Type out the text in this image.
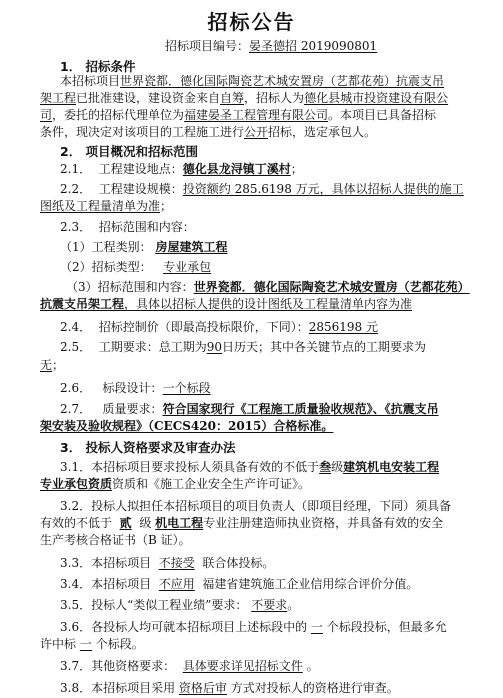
招标公告
招标项目编号：晏圣德招 2019090801
1． 招标条件
本招标项目世界瓷都．德化国际陶瓷艺术城安置房（艺都花苑）抗震支吊
架工程已批准建设，建设资金来自自筹，招标人为德化县城市投资建设有限公
司，委托的招标代理单位为福建晏圣工程管理有限公司。本项目已具备招标
条件，现决定对该项目的工程施工进行公开招标，选定承包人。
2． 项目概况和招标范围
2.1． 工程建设地点：德化县龙浔镇丁溪村；
2.2． 工程建设规模：投资额约 285.6198 万元，具体以招标人提供的施工
图纸及工程量清单为准；
2.3． 招标范围和内容：
（1）工程类别： 房屋建筑工程
（2）招标类型： 专业承包
（3）招标范围和内容：世界瓷都．德化国际陶瓷艺术城安置房（艺都花苑）
抗震支吊架工程，具体以招标人提供的设计图纸及工程量清单内容为准
2.4． 招标控制价（即最高投标限价，下同）：2856198 元
2.5． 工期要求：总工期为90日历天；其中各关键节点的工期要求为
无；
2.6． 标段设计：一个标段
2.7． 质量要求：符合国家现行《工程施工质量验收规范》、《抗震支吊
架安装及验收规程》（CECS420：2015）合格标准。
3． 投标人资格要求及审查办法
3.1．本招标项目要求投标人须具备有效的不低于叁级建筑机电安装工程
专业承包资质资质和《施工企业安全生产许可证》。
3.2．投标人拟担任本招标项目的项目负责人（即项目经理，下同）须具备
有效的不低于 贰 级 机电工程专业注册建造师执业资格，并具备有效的安全
生产考核合格证书（B 证）。
3.3．本招标项目 不接受 联合体投标。
3.4．本招标项目 不应用 福建省建筑施工企业信用综合评价分值。
3.5．投标人“类似工程业绩”要求： 不要求。
3.6．各投标人均可就本招标项目上述标段中的 一 个标段投标，但最多允
许中标 一 个标段。
3.7．其他资格要求： 具体要求详见招标文件 。
3.8．本招标项目采用 资格后审 方式对投标人的资格进行审查。
